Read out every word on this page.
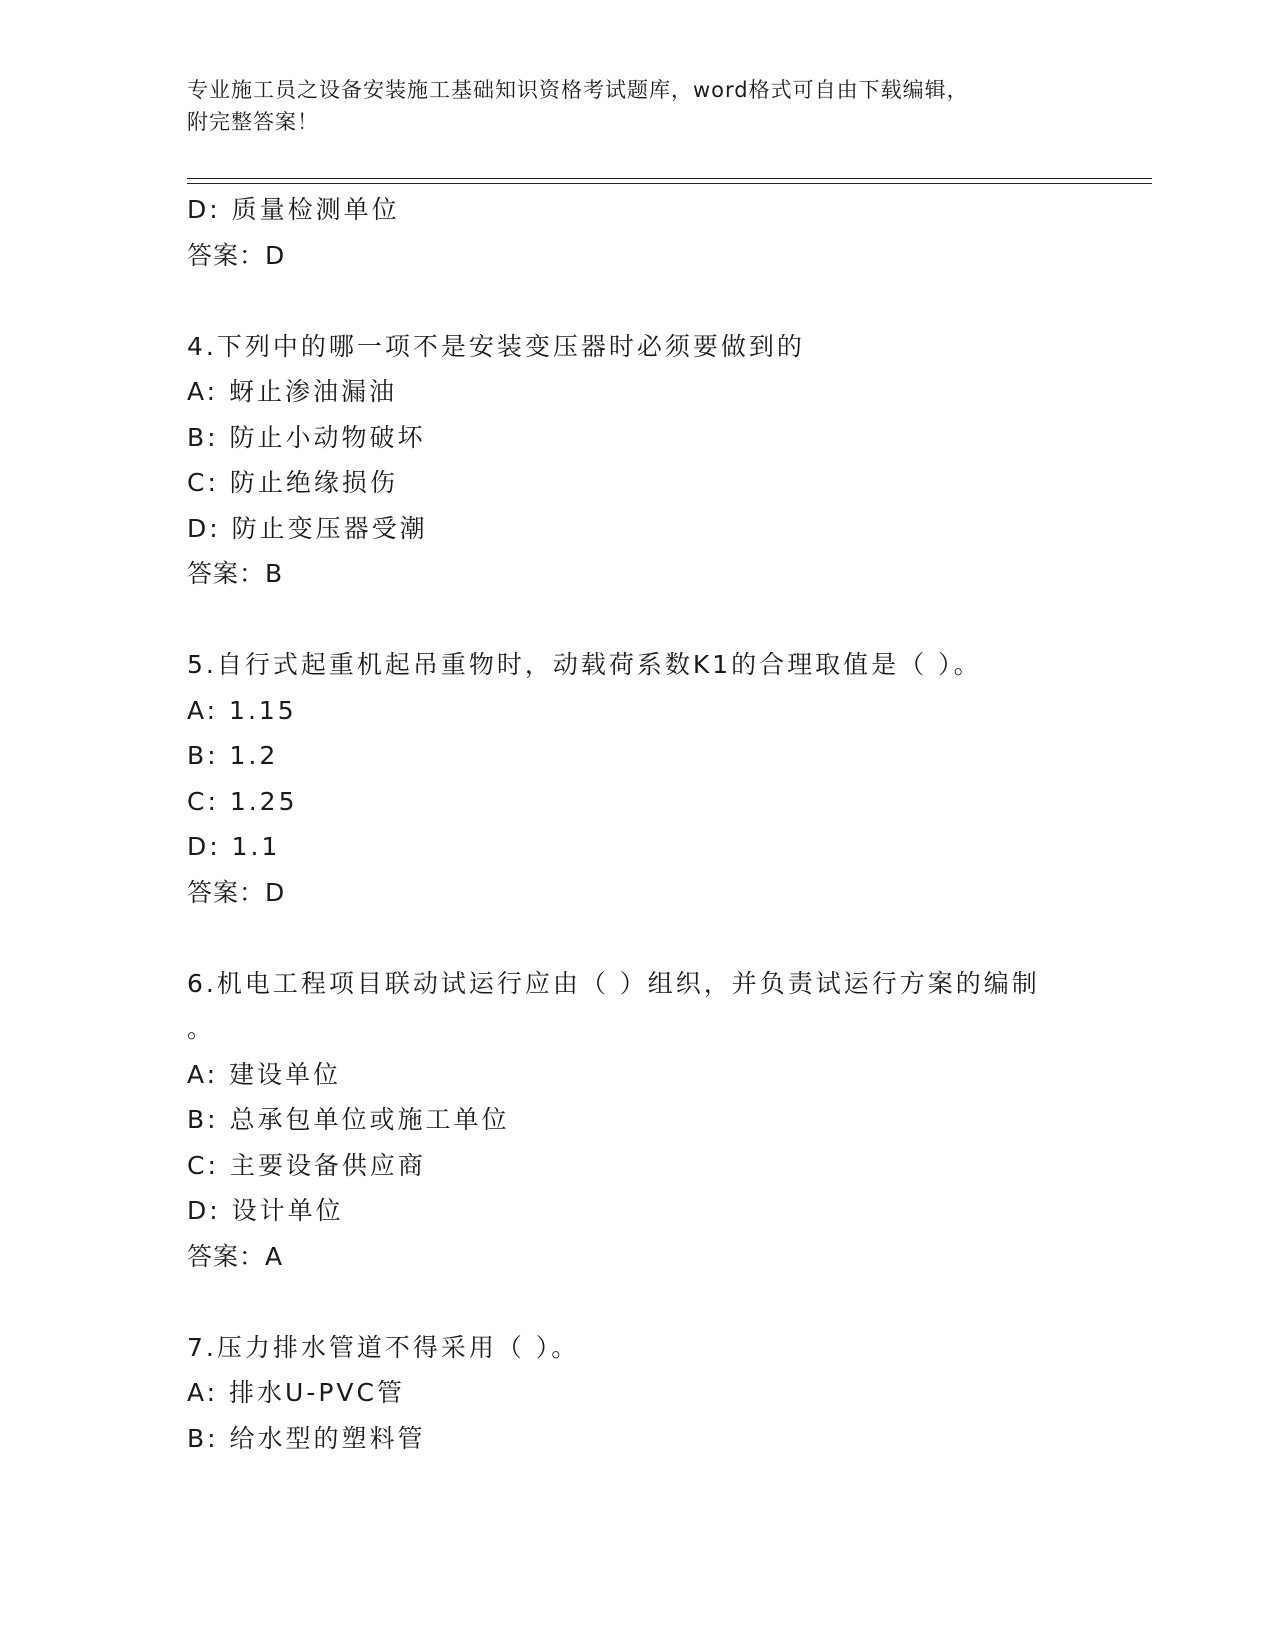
专业施工员之设备安装施工基础知识资格考试题库，word格式可自由下载编辑，
附完整答案！
D: 质量检测单位
答案：D
4.下列中的哪一项不是安装变压器时必须要做到的
A: 蚜止渗油漏油
B: 防止小动物破坏
C: 防止绝缘损伤
D: 防止变压器受潮
答案：B
5.自行式起重机起吊重物时，动载荷系数K1的合理取值是（ ）。
A: 1.15
B: 1.2
C: 1.25
D: 1.1
答案：D
6.机电工程项目联动试运行应由（ ）组织，并负责试运行方案的编制
。
A: 建设单位
B: 总承包单位或施工单位
C: 主要设备供应商
D: 设计单位
答案：A
7.压力排水管道不得采用（ ）。
A: 排水U-PVC管
B: 给水型的塑料管
